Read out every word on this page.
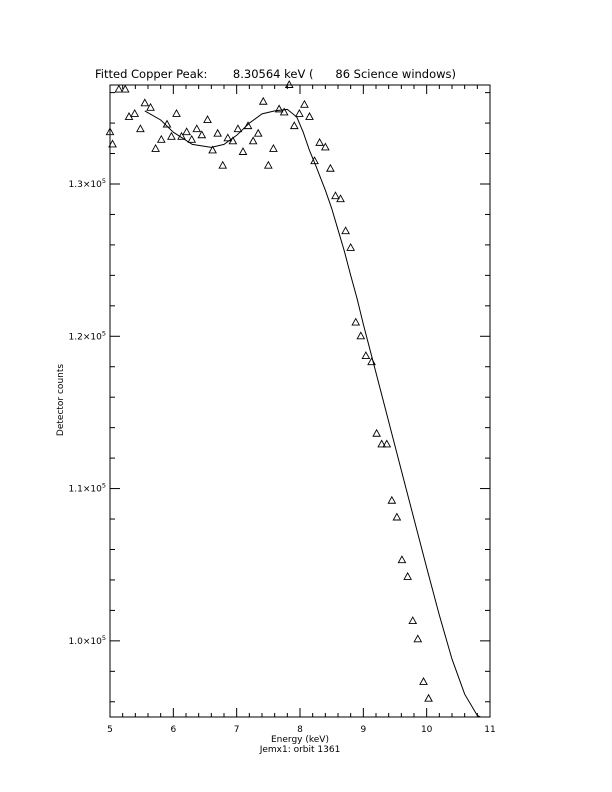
Fitted Copper Peak:       8.30564 keV (      86 Science windows)
5	6	7	8	9	10	11
$1.0\times 10^5$
$1.1\times 10^5$
$1.2\times 10^5$
$1.3\times 10^5$
Energy (keV)
Jemx1: orbit 1361
Detector counts
